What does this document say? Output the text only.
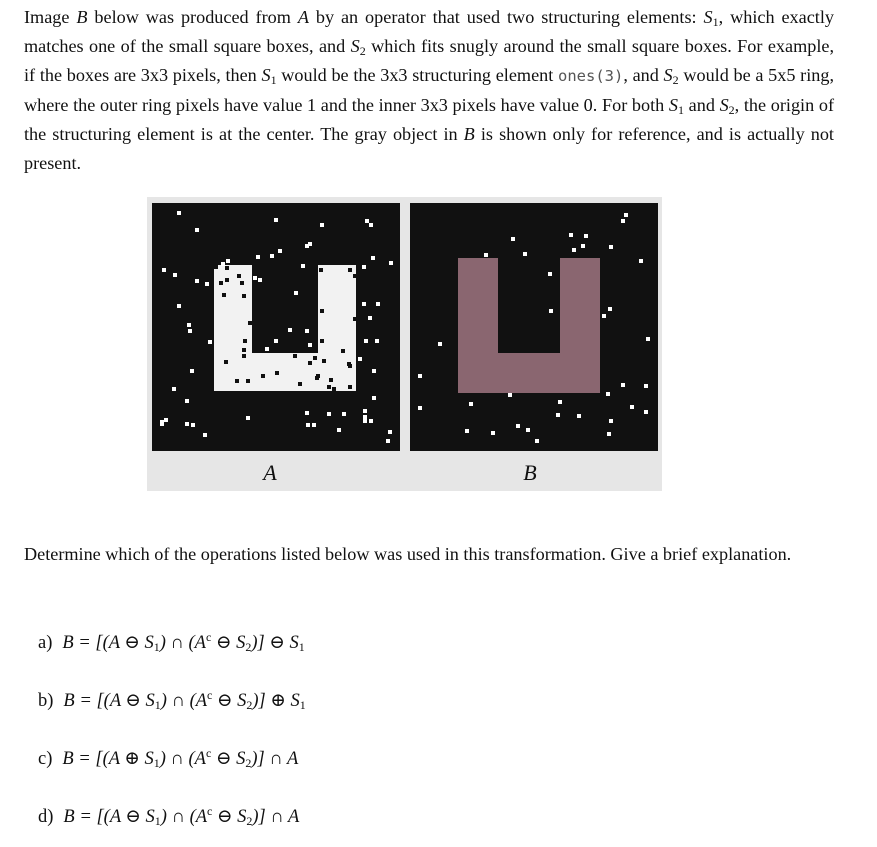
Image B below was produced from A by an operator that used two structuring elements: $S_1$, which exactly matches one of the small square boxes, and $S_2$ which fits snugly around the small square boxes. For example, if the boxes are 3x3 pixels, then $S_1$ would be the 3x3 structuring element ones(3), and $S_2$ would be a 5x5 ring, where the outer ring pixels have value 1 and the inner 3x3 pixels have value 0. For both $S_1$ and $S_2$, the origin of the structuring element is at the center. The gray object in B is shown only for reference, and is actually not present.

A	B

Determine which of the operations listed below was used in this transformation. Give a brief explanation.

a) B = [(A ⊖ $S_1$) ∩ ($A^c$ ⊖ $S_2$)] ⊖ $S_1$
b) B = [(A ⊖ $S_1$) ∩ ($A^c$ ⊖ $S_2$)] ⊕ $S_1$
c) B = [(A ⊕ $S_1$) ∩ ($A^c$ ⊖ $S_2$)] ∩ A
d) B = [(A ⊖ $S_1$) ∩ ($A^c$ ⊖ $S_2$)] ∩ A
